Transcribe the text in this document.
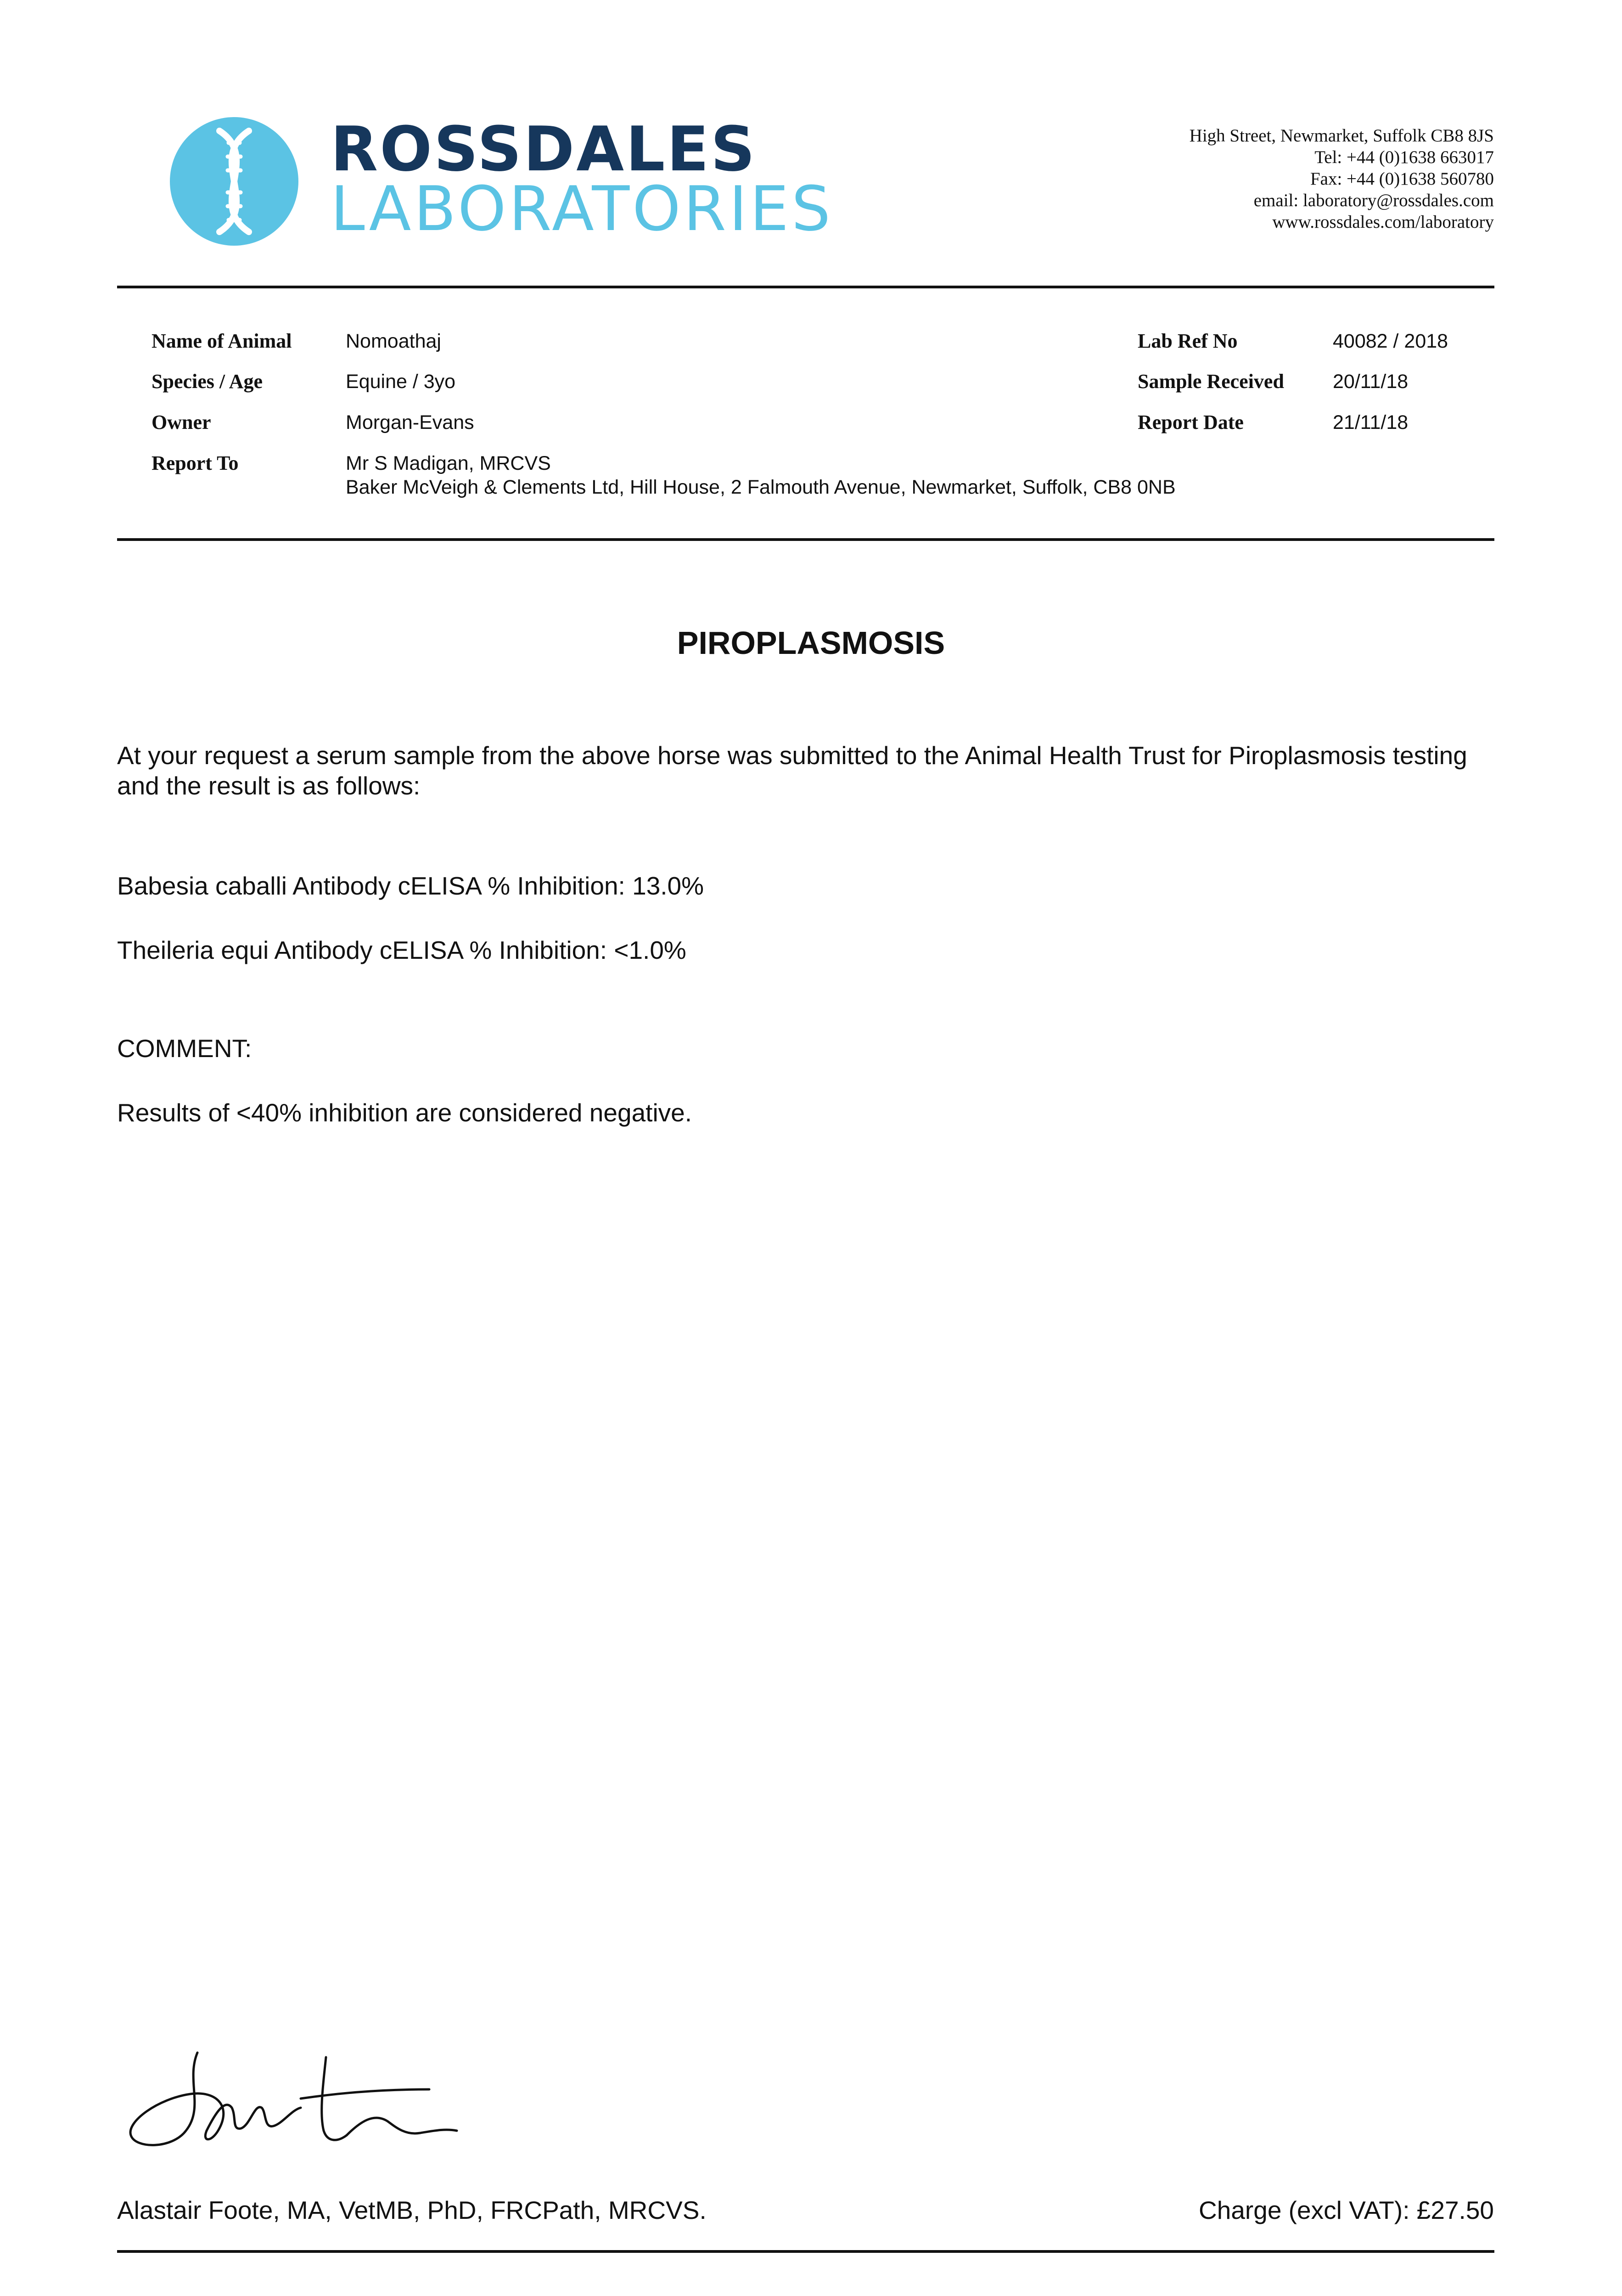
ROSSDALES
LABORATORIES
High Street, Newmarket, Suffolk CB8 8JS
Tel: +44 (0)1638 663017
Fax: +44 (0)1638 560780
email: laboratory@rossdales.com
www.rossdales.com/laboratory
Name of Animal	Nomoathaj
Species / Age	Equine / 3yo
Owner	Morgan-Evans
Report To	Mr S Madigan, MRCVS
Baker McVeigh & Clements Ltd, Hill House, 2 Falmouth Avenue, Newmarket, Suffolk, CB8 0NB
Lab Ref No	40082 / 2018
Sample Received 20/11/18
Report Date	21/11/18
PIROPLASMOSIS
At your request a serum sample from the above horse was submitted to the Animal Health Trust for Piroplasmosis testing and the result is as follows:
Babesia caballi Antibody cELISA % Inhibition: 13.0%
Theileria equi Antibody cELISA % Inhibition: <1.0%
COMMENT:
Results of <40% inhibition are considered negative.
Alastair Foote, MA, VetMB, PhD, FRCPath, MRCVS.	Charge (excl VAT): £27.50
